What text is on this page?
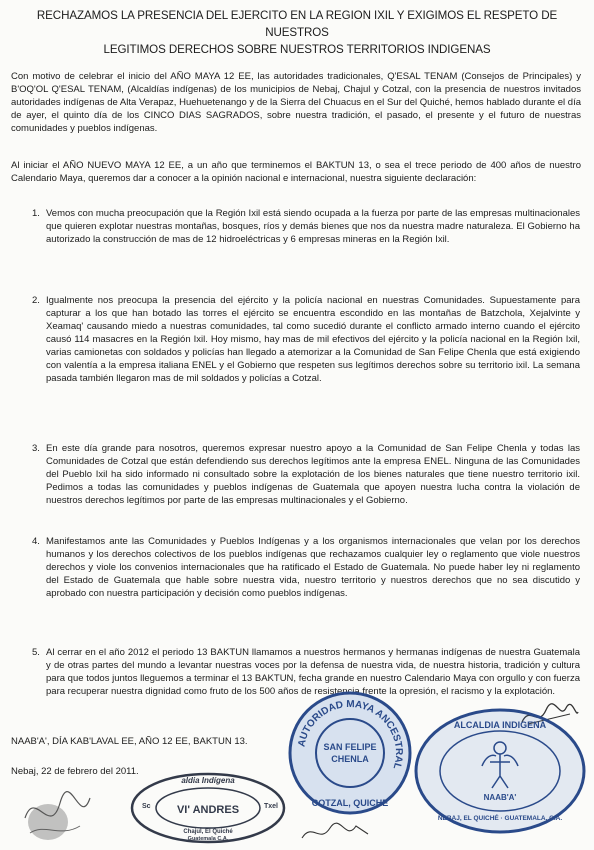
RECHAZAMOS LA PRESENCIA DEL EJERCITO EN LA REGION IXIL Y EXIGIMOS EL RESPETO DE NUESTROS
LEGITIMOS DERECHOS SOBRE NUESTROS TERRITORIOS INDIGENAS

Con motivo de celebrar el inicio del AÑO MAYA 12 EE, las autoridades tradicionales, Q'ESAL TENAM (Consejos de Principales) y B'OQ'OL Q'ESAL TENAM, (Alcaldías indígenas) de los municipios de Nebaj, Chajul y Cotzal, con la presencia de nuestros invitados autoridades indígenas de Alta Verapaz, Huehuetenango y de la Sierra del Chuacus en el Sur del Quiché, hemos hablado durante el día de ayer, el quinto día de los CINCO DIAS SAGRADOS, sobre nuestra tradición, el pasado, el presente y el futuro de nuestras comunidades y pueblos indígenas.

Al iniciar el AÑO NUEVO MAYA 12 EE, a un año que terminemos el BAKTUN 13, o sea el trece periodo de 400 años de nuestro Calendario Maya, queremos dar a conocer a la opinión nacional e internacional, nuestra siguiente declaración:

1. Vemos con mucha preocupación que la Región Ixil está siendo ocupada a la fuerza por parte de las empresas multinacionales que quieren explotar nuestras montañas, bosques, ríos y demás bienes que nos da nuestra madre naturaleza. El Gobierno ha autorizado la construcción de mas de 12 hidroeléctricas y 6 empresas mineras en la Región Ixil.

2. Igualmente nos preocupa la presencia del ejército y la policía nacional en nuestras Comunidades. Supuestamente para capturar a los que han botado las torres el ejército se encuentra escondido en las montañas de Batzchola, Xejalvinte y Xeamaq' causando miedo a nuestras comunidades, tal como sucedió durante el conflicto armado interno cuando el ejército causó 114 masacres en la Región Ixil. Hoy mismo, hay mas de mil efectivos del ejército y la policía nacional en la Región Ixil, varias camionetas con soldados y policías han llegado a atemorizar a la Comunidad de San Felipe Chenla que está exigiendo con valentía a la empresa italiana ENEL y el Gobierno que respeten sus legítimos derechos sobre su territorio ixil. La semana pasada también llegaron mas de mil soldados y policías a Cotzal.

3. En este día grande para nosotros, queremos expresar nuestro apoyo a la Comunidad de San Felipe Chenla y todas las Comunidades de Cotzal que están defendiendo sus derechos legítimos ante la empresa ENEL. Ninguna de las Comunidades del Pueblo Ixil ha sido informado ni consultado sobre la explotación de los bienes naturales que tiene nuestro territorio ixil. Pedimos a todas las comunidades y pueblos indígenas de Guatemala que apoyen nuestra lucha contra la violación de nuestros derechos legítimos por parte de las empresas multinacionales y el Gobierno.

4. Manifestamos ante las Comunidades y Pueblos Indígenas y a los organismos internacionales que velan por los derechos humanos y los derechos colectivos de los pueblos indígenas que rechazamos cualquier ley o reglamento que viole nuestros derechos y viole los convenios internacionales que ha ratificado el Estado de Guatemala. No puede haber ley ni reglamento del Estado de Guatemala que hable sobre nuestra vida, nuestro territorio y nuestros derechos que no sea discutido y aprobado con nuestra participación y decisión como pueblos indígenas.

5. Al cerrar en el año 2012 el periodo 13 BAKTUN llamamos a nuestros hermanos y hermanas indígenas de nuestra Guatemala y de otras partes del mundo a levantar nuestras voces por la defensa de nuestra vida, de nuestra historia, tradición y cultura para que todos juntos lleguemos a terminar el 13 BAKTUN, fecha grande en nuestro Calendario Maya con orgullo y con fuerza para recuperar nuestra dignidad como fruto de los 500 años de resistencia frente la opresión, el racismo y la explotación.

NAAB'A', DÍA KAB'LAVAL EE, AÑO 12 EE, BAKTUN 13.
Nebaj, 22 de febrero del 2011.
aldia Indígena
VI' ANDRES
Sc	Txel
Chajul, El Quiché
Guatemala C.A.
AUTORIDAD MAYA ANCESTRAL
SAN FELIPE
CHENLA
COTZAL, QUICHE
ALCALDIA INDIGENA
NAAB'A'
NEBAJ, EL QUICHÉ · GUATEMALA, C.A.
